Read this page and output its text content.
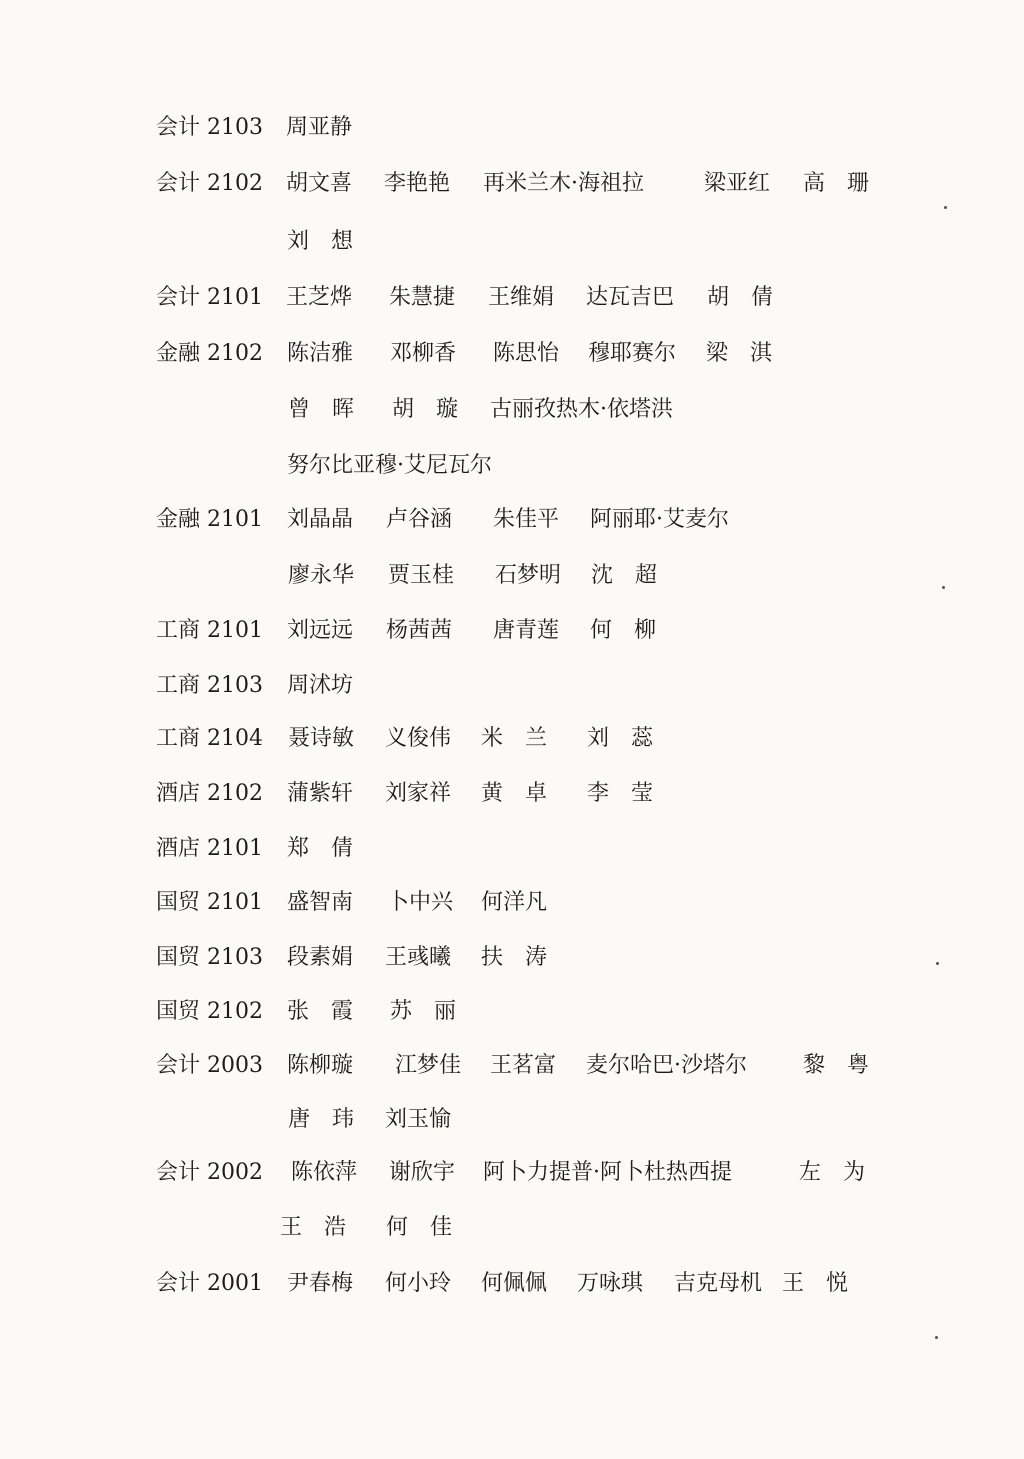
会计 2103 周亚静
会计 2102 胡文喜 李艳艳 再米兰木·海祖拉	梁亚红 高　珊
刘　想
会计 2101 王芝烨 朱慧捷 王维娟 达瓦吉巴 胡　倩
金融 2102 陈洁雅 邓柳香 陈思怡 穆耶赛尔 梁　淇
曾　晖 胡　璇 古丽孜热木·依塔洪
努尔比亚穆·艾尼瓦尔
金融 2101 刘晶晶 卢谷涵 朱佳平 阿丽耶·艾麦尔
廖永华 贾玉桂 石梦明 沈　超
工商 2101 刘远远 杨茜茜 唐青莲 何　柳
工商 2103 周沭坊
工商 2104 聂诗敏 义俊伟 米　兰 刘　蕊
酒店 2102 蒲紫轩 刘家祥 黄　卓 李　莹
酒店 2101 郑　倩
国贸 2101 盛智南 卜中兴 何洋凡
国贸 2103 段素娟 王彧曦 扶　涛
国贸 2102 张　霞 苏　丽
会计 2003 陈柳璇 江梦佳 王茗富 麦尔哈巴·沙塔尔	黎　粤
唐　玮 刘玉愉
会计 2002 陈依萍 谢欣宇 阿卜力提普·阿卜杜热西提	左　为
王　浩 何　佳
会计 2001 尹春梅 何小玲 何佩佩 万咏琪 吉克母机 王　悦
